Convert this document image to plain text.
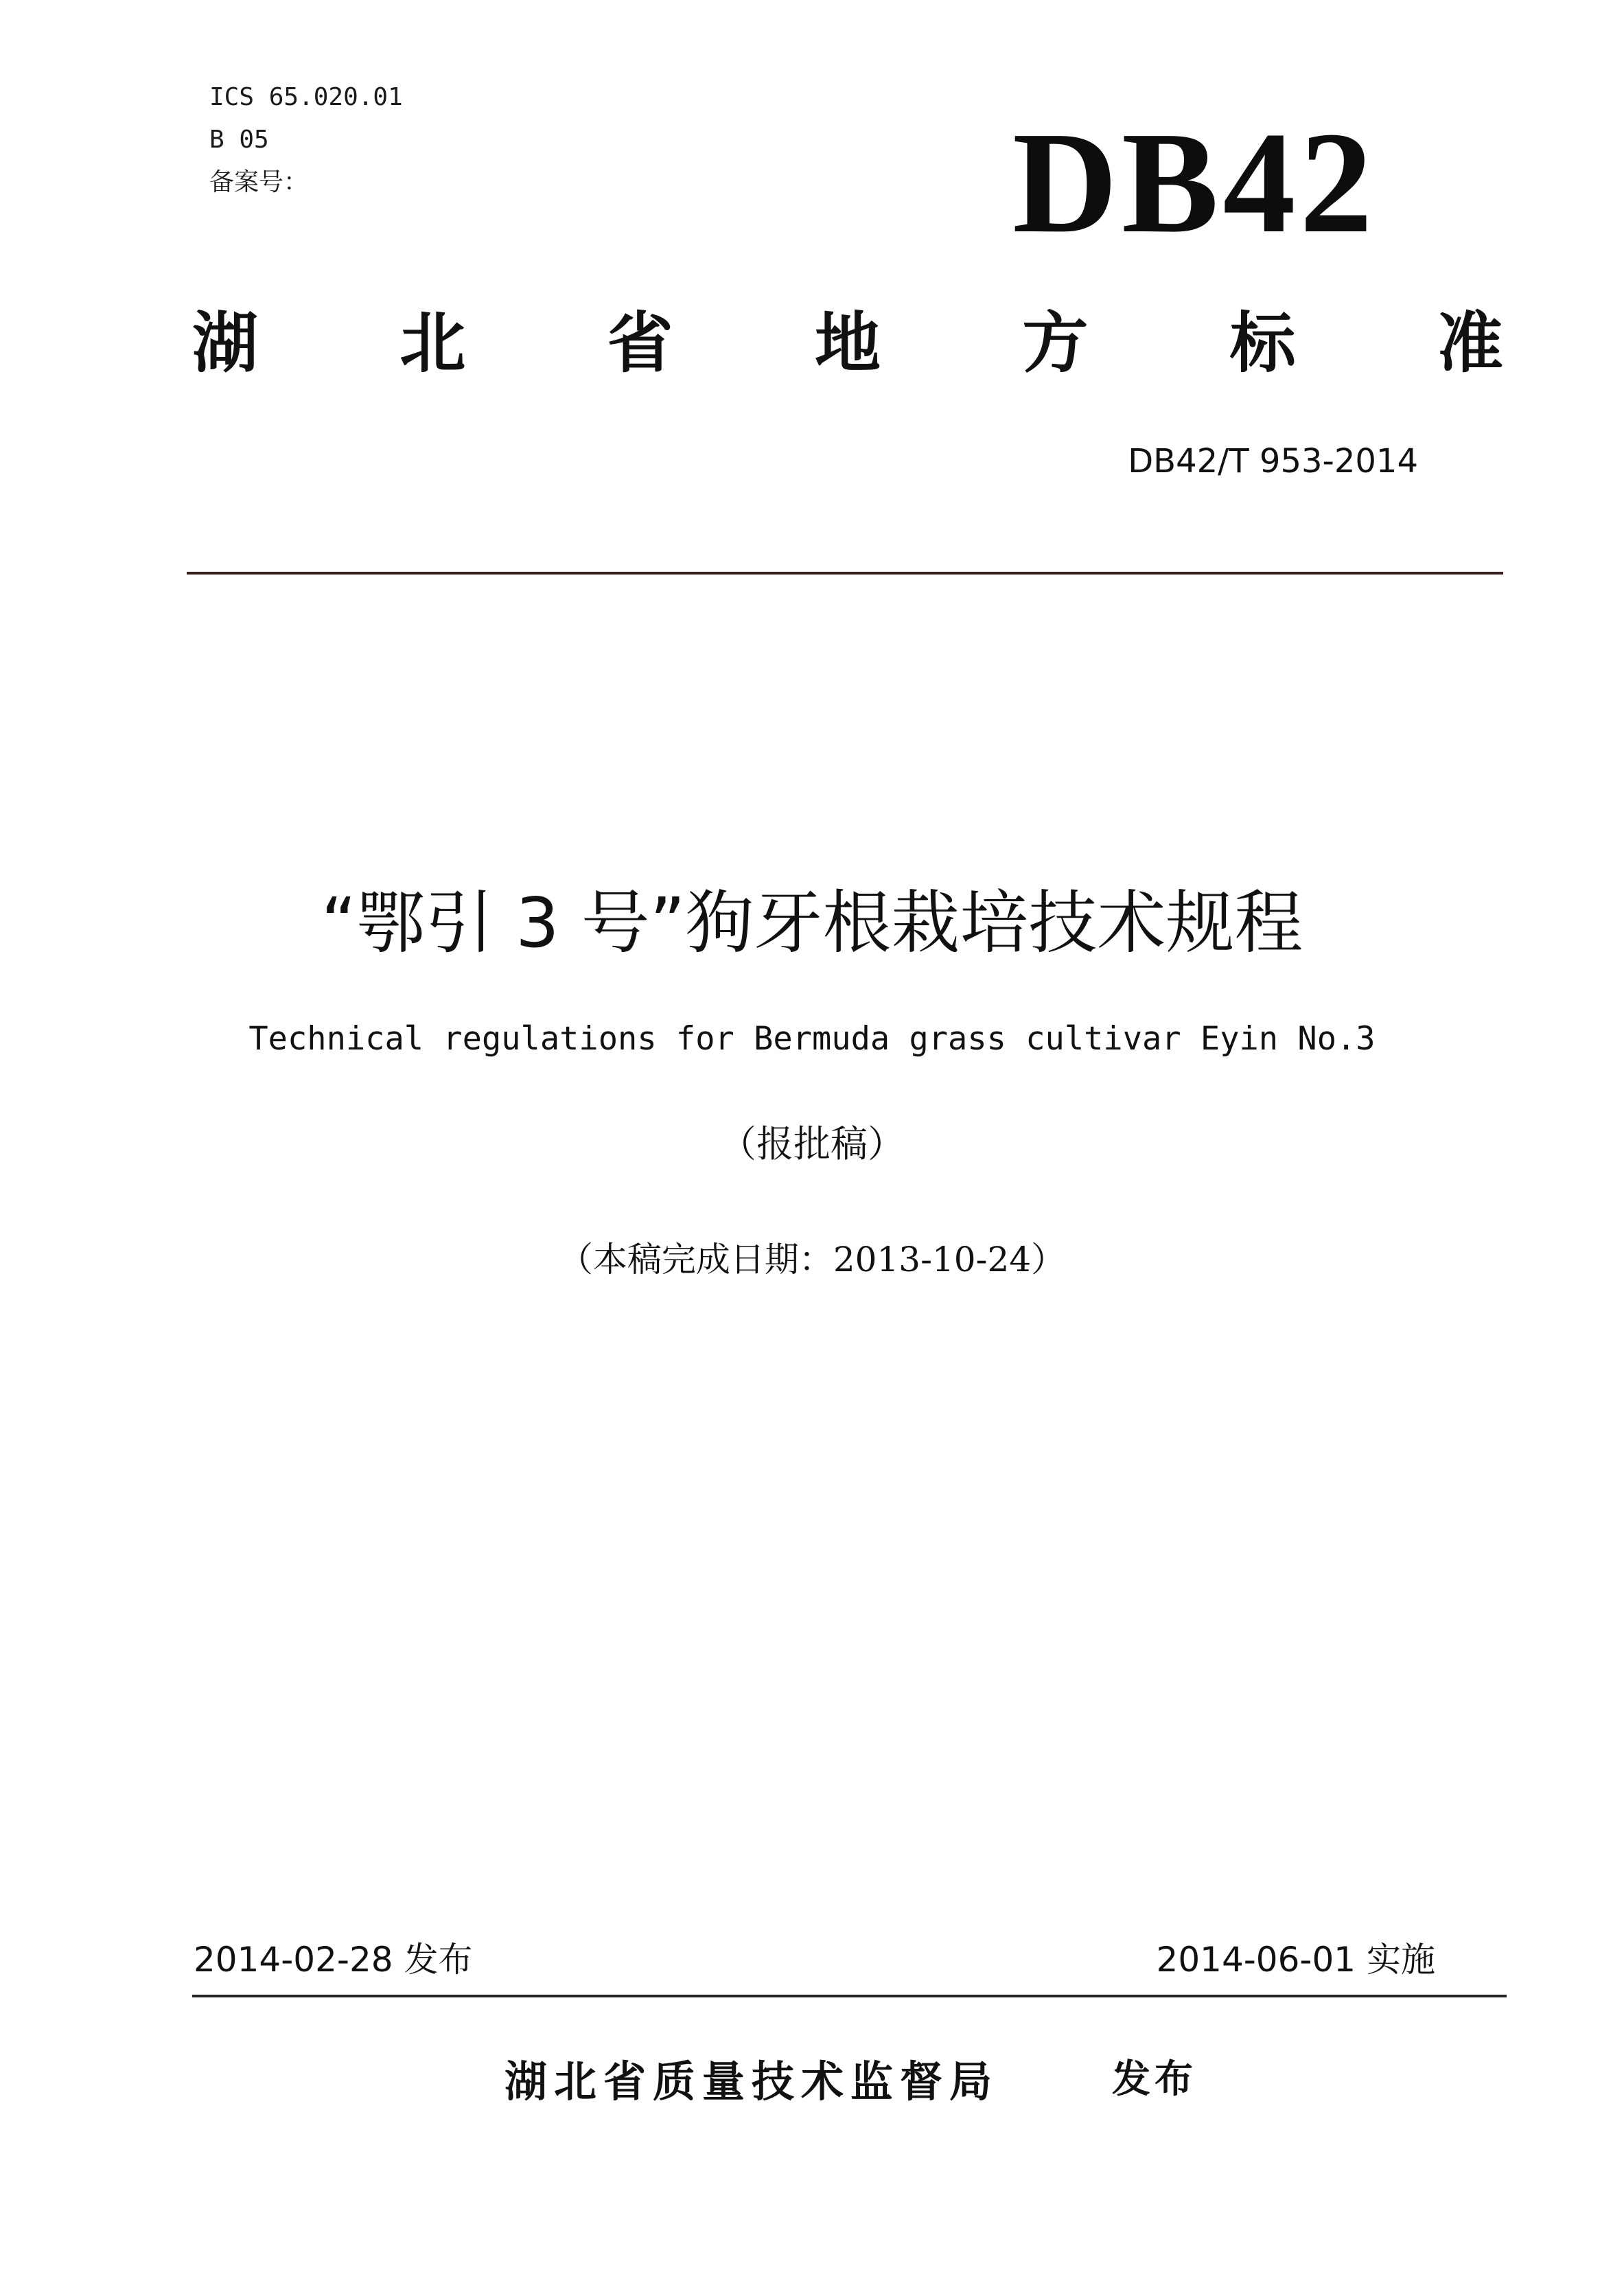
ICS 65.020.01
B 05
备案号：	DB42
湖 北 省 地 方 标 准
DB42/T 953-2014
“鄂引 3 号”狗牙根栽培技术规程
Technical regulations for Bermuda grass cultivar Eyin No.3
（报批稿）
（本稿完成日期：2013-10-24）
2014-02-28 发布	2014-06-01 实施
湖北省质量技术监督局	发布
